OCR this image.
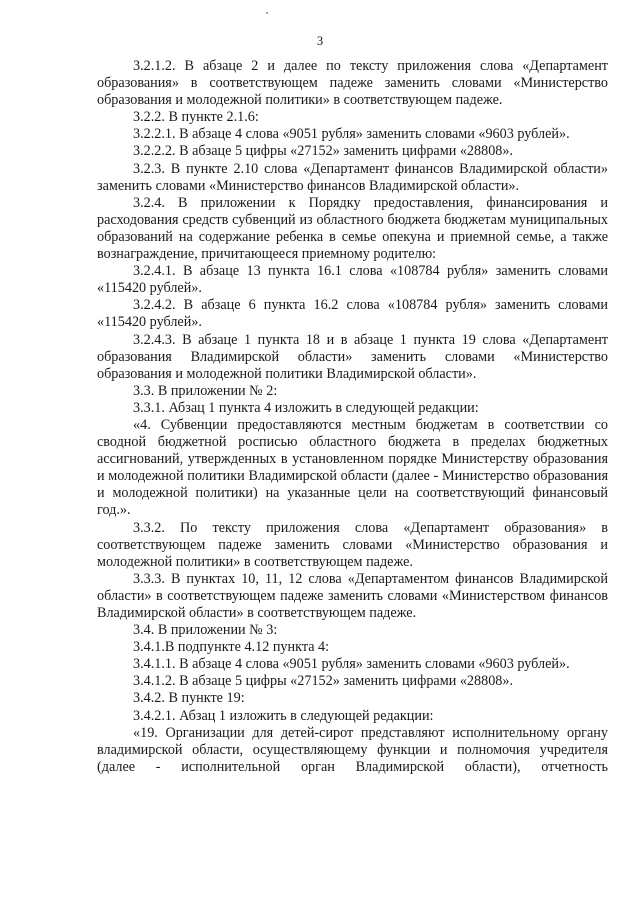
3

3.2.1.2. В абзаце 2 и далее по тексту приложения слова «Департамент образования» в соответствующем падеже заменить словами «Министерство образования и молодежной политики» в соответствующем падеже.

3.2.2. В пункте 2.1.6:

3.2.2.1. В абзаце 4 слова «9051 рубля» заменить словами «9603 рублей».

3.2.2.2. В абзаце 5 цифры «27152» заменить цифрами «28808».

3.2.3. В пункте 2.10 слова «Департамент финансов Владимирской области» заменить словами «Министерство финансов Владимирской области».

3.2.4. В приложении к Порядку предоставления, финансирования и расходования средств субвенций из областного бюджета бюджетам муниципальных образований на содержание ребенка в семье опекуна и приемной семье, а также вознаграждение, причитающееся приемному родителю:

3.2.4.1. В абзаце 13 пункта 16.1 слова «108784 рубля» заменить словами «115420 рублей».

3.2.4.2. В абзаце 6 пункта 16.2 слова «108784 рубля» заменить словами «115420 рублей».

3.2.4.3. В абзаце 1 пункта 18 и в абзаце 1 пункта 19 слова «Департамент образования Владимирской области» заменить словами «Министерство образования и молодежной политики Владимирской области».

3.3. В приложении № 2:

3.3.1. Абзац 1 пункта 4 изложить в следующей редакции:

«4. Субвенции предоставляются местным бюджетам в соответствии со сводной бюджетной росписью областного бюджета в пределах бюджетных ассигнований, утвержденных в установленном порядке Министерству образования и молодежной политики Владимирской области (далее - Министерство образования и молодежной политики) на указанные цели на соответствующий финансовый год.».

3.3.2. По тексту приложения слова «Департамент образования» в соответствующем падеже заменить словами «Министерство образования и молодежной политики» в соответствующем падеже.

3.3.3. В пунктах 10, 11, 12 слова «Департаментом финансов Владимирской области» в соответствующем падеже заменить словами «Министерством финансов Владимирской области» в соответствующем падеже.

3.4. В приложении № 3:

3.4.1.В подпункте 4.12 пункта 4:

3.4.1.1. В абзаце 4 слова «9051 рубля» заменить словами «9603 рублей».

3.4.1.2. В абзаце 5 цифры «27152» заменить цифрами «28808».

3.4.2. В пункте 19:

3.4.2.1. Абзац 1 изложить в следующей редакции:

«19. Организации для детей-сирот представляют исполнительному органу владимирской области, осуществляющему функции и полномочия учредителя (далее - исполнительной орган Владимирской области), отчетность
